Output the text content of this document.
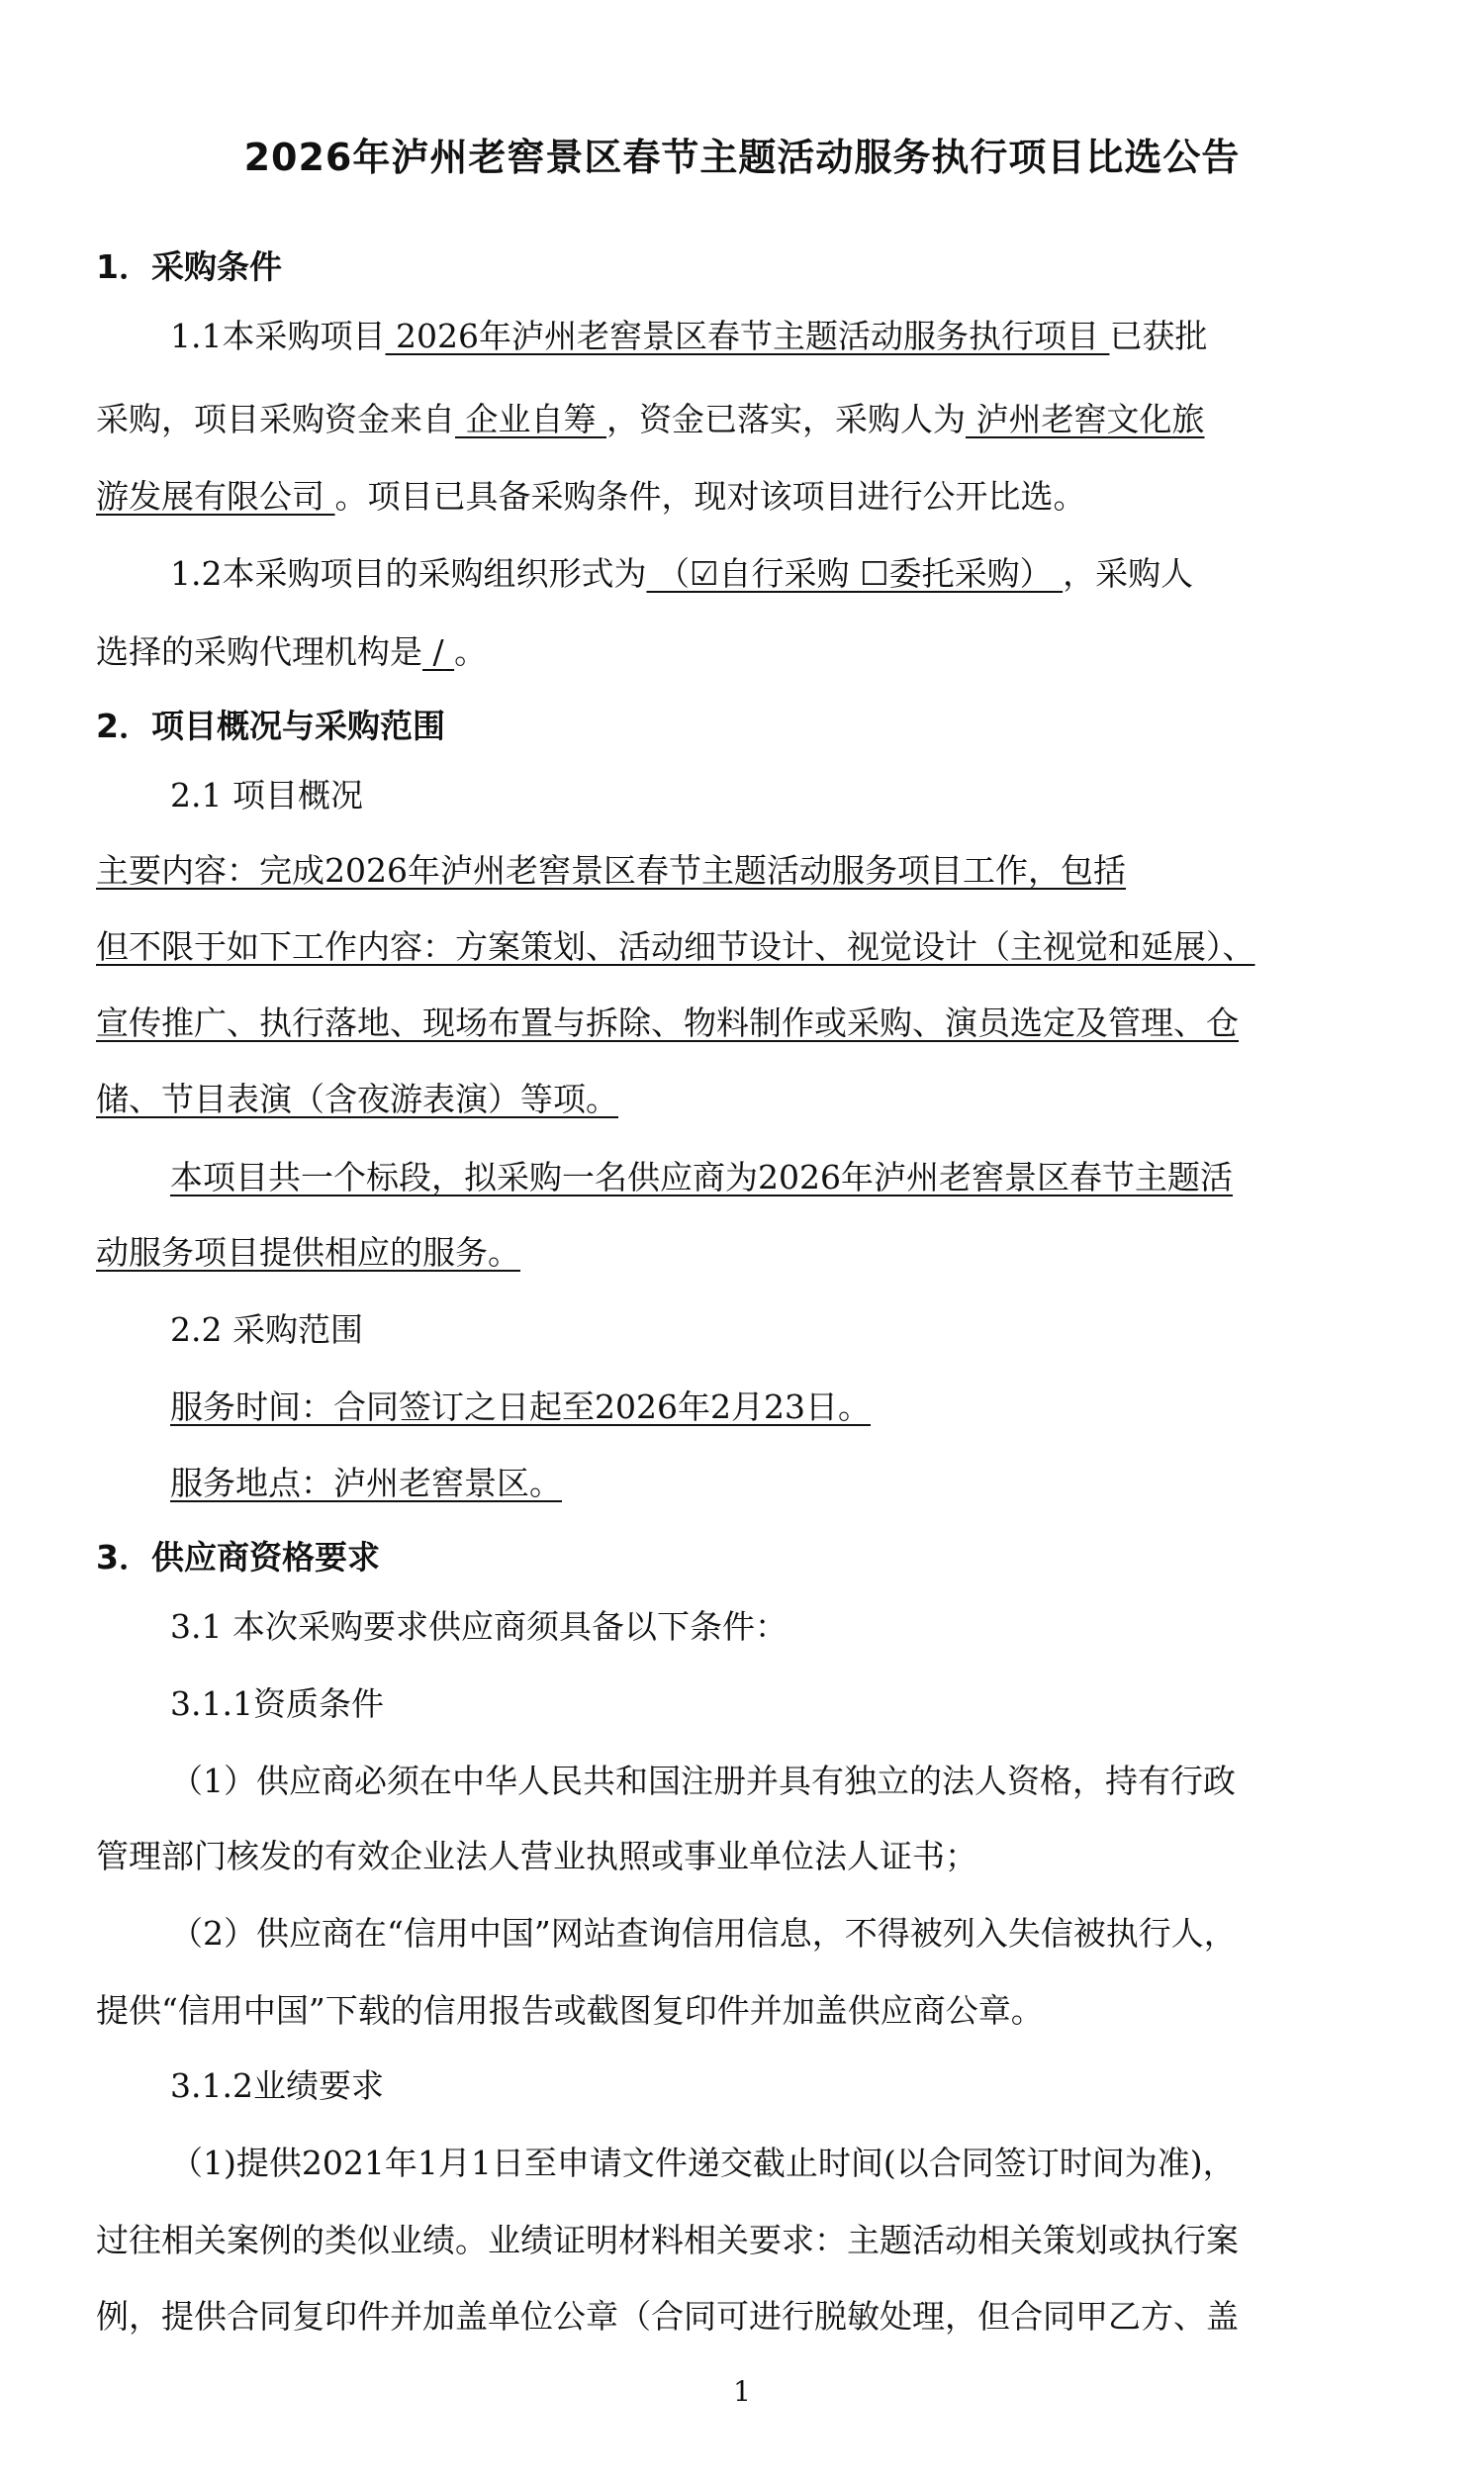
2026年泸州老窖景区春节主题活动服务执行项目比选公告
1．采购条件
1.1本采购项目 2026年泸州老窖景区春节主题活动服务执行项目 已获批
采购，项目采购资金来自 企业自筹 ，资金已落实，采购人为 泸州老窖文化旅
游发展有限公司 。项目已具备采购条件，现对该项目进行公开比选。
1.2本采购项目的采购组织形式为 （☑自行采购 ☐委托采购） ，采购人
选择的采购代理机构是 / 。
2．项目概况与采购范围
2.1 项目概况
主要内容：完成2026年泸州老窖景区春节主题活动服务项目工作，包括
但不限于如下工作内容：方案策划、活动细节设计、视觉设计（主视觉和延展）、
宣传推广、执行落地、现场布置与拆除、物料制作或采购、演员选定及管理、仓
储、节目表演（含夜游表演）等项。
本项目共一个标段，拟采购一名供应商为2026年泸州老窖景区春节主题活
动服务项目提供相应的服务。
2.2 采购范围
服务时间：合同签订之日起至2026年2月23日。
服务地点：泸州老窖景区。
3．供应商资格要求
3.1 本次采购要求供应商须具备以下条件：
3.1.1资质条件
（1）供应商必须在中华人民共和国注册并具有独立的法人资格，持有行政
管理部门核发的有效企业法人营业执照或事业单位法人证书；
（2）供应商在“信用中国”网站查询信用信息，不得被列入失信被执行人，
提供“信用中国”下载的信用报告或截图复印件并加盖供应商公章。
3.1.2业绩要求
（1)提供2021年1月1日至申请文件递交截止时间(以合同签订时间为准)，
过往相关案例的类似业绩。业绩证明材料相关要求：主题活动相关策划或执行案
例，提供合同复印件并加盖单位公章（合同可进行脱敏处理，但合同甲乙方、盖
1
